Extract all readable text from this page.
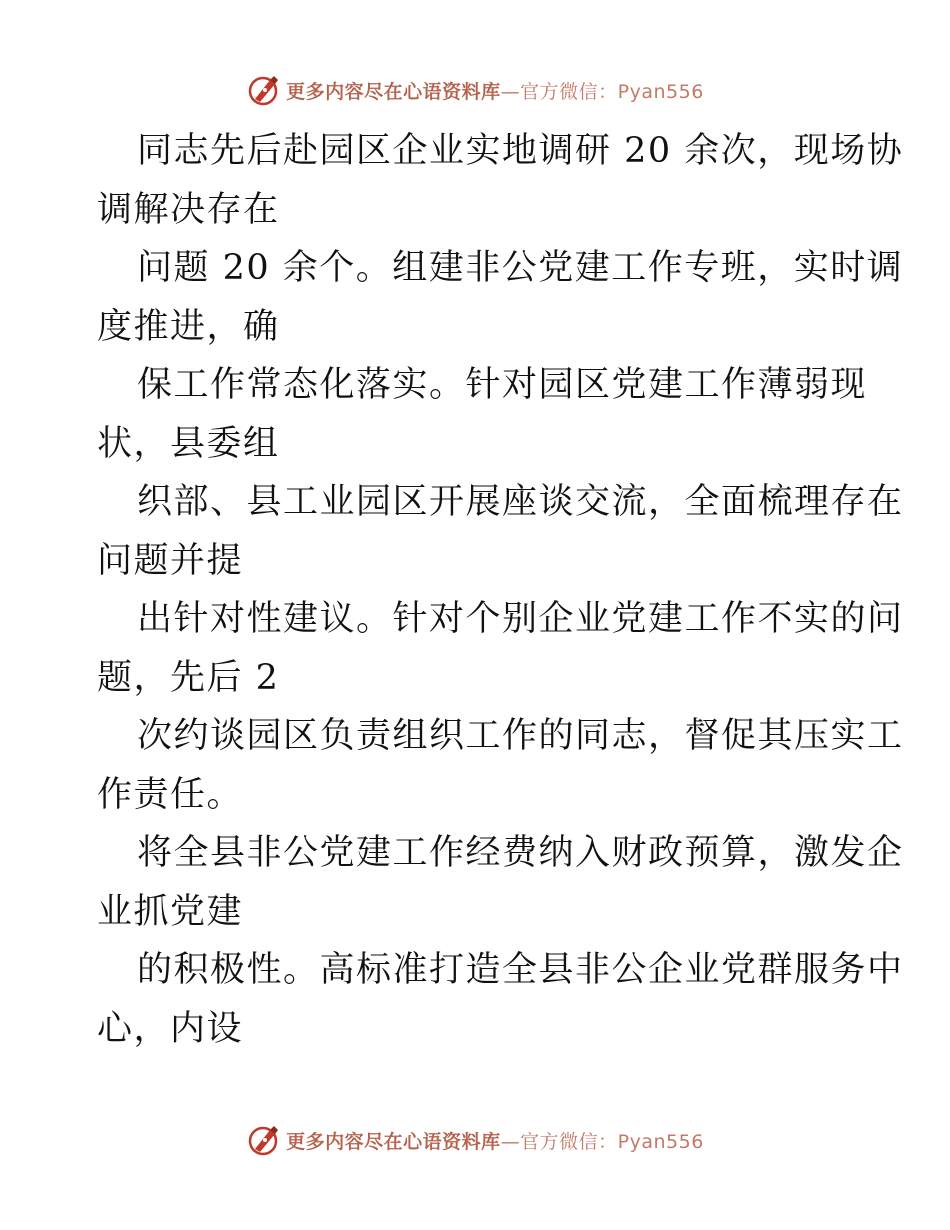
更多内容尽在心语资料库—官方微信：Pyan556
同志先后赴园区企业实地调研 20 余次，现场协
调解决存在
问题 20 余个。组建非公党建工作专班，实时调
度推进，确
保工作常态化落实。针对园区党建工作薄弱现
状，县委组
织部、县工业园区开展座谈交流，全面梳理存在
问题并提
出针对性建议。针对个别企业党建工作不实的问
题，先后 2
次约谈园区负责组织工作的同志，督促其压实工
作责任。
将全县非公党建工作经费纳入财政预算，激发企
业抓党建
的积极性。高标准打造全县非公企业党群服务中
心，内设
更多内容尽在心语资料库—官方微信：Pyan556
